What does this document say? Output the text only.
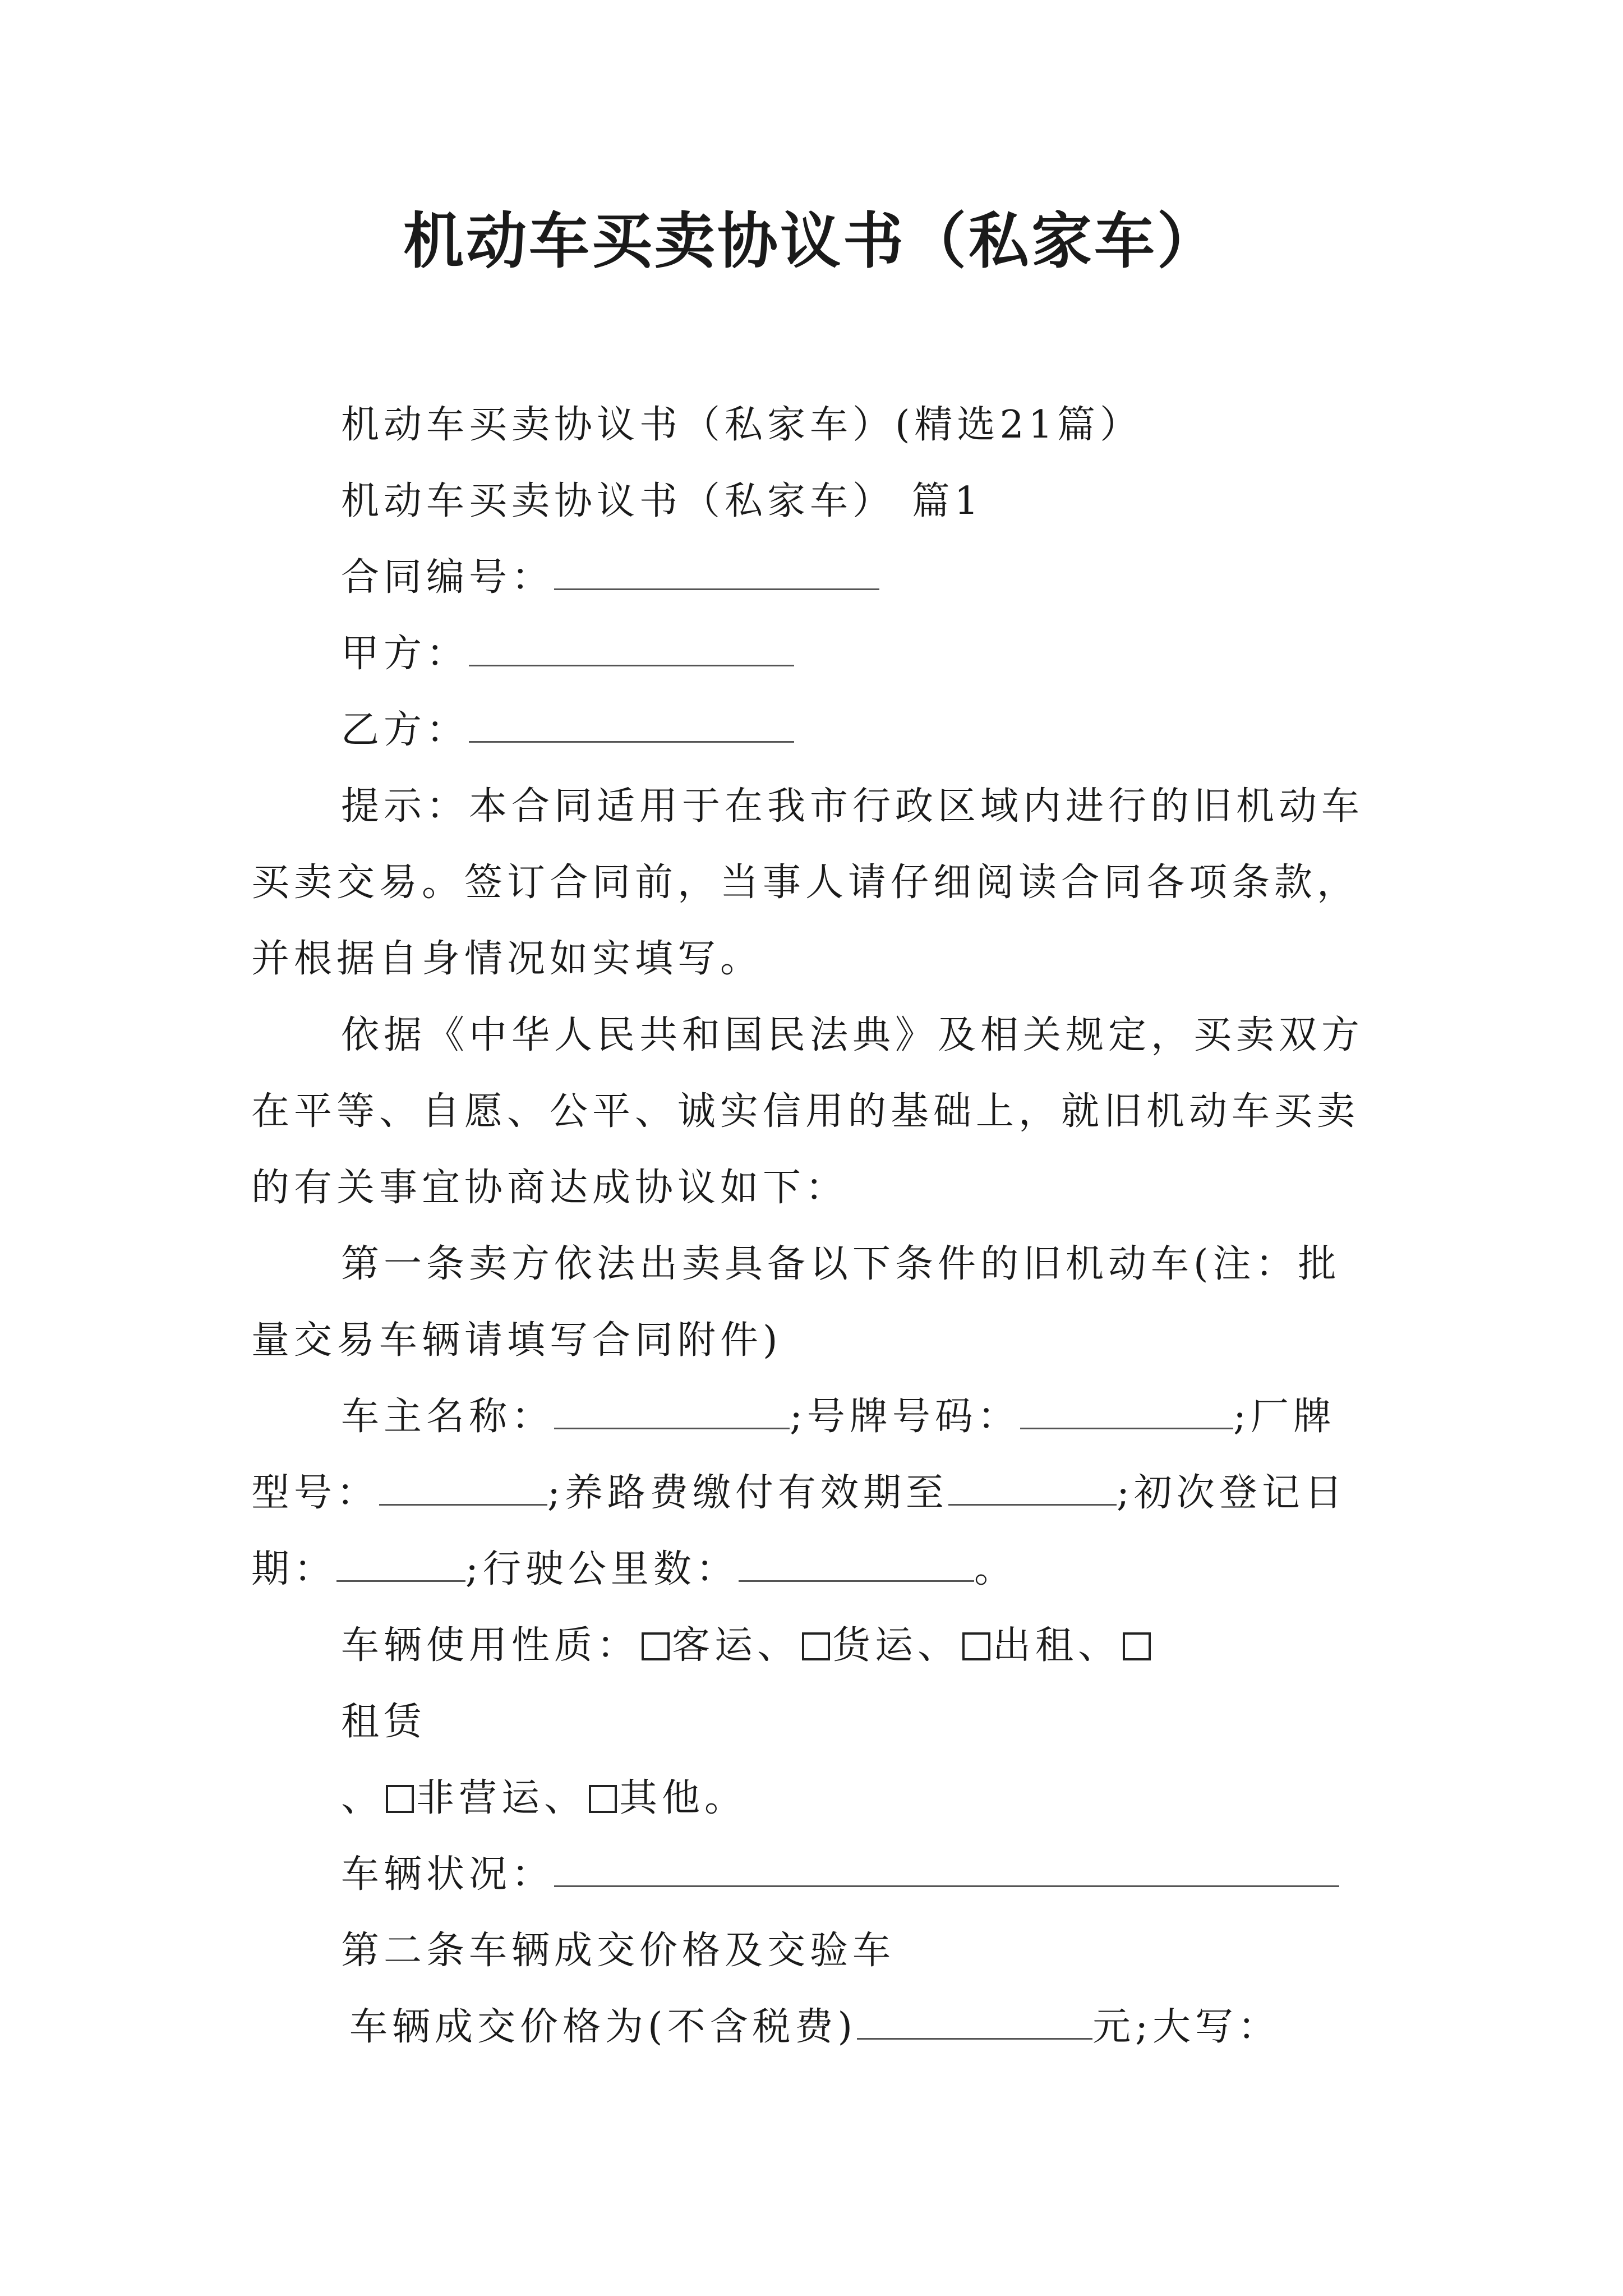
机动车买卖协议书（私家车）

机动车买卖协议书（私家车）(精选21篇）

机动车买卖协议书（私家车） 篇1

合同编号：

甲方：

乙方：

提示：本合同适用于在我市行政区域内进行的旧机动车

买卖交易。签订合同前，当事人请仔细阅读合同各项条款，

并根据自身情况如实填写。

依据《中华人民共和国民法典》及相关规定，买卖双方

在平等、自愿、公平、诚实信用的基础上，就旧机动车买卖

的有关事宜协商达成协议如下：

第一条卖方依法出卖具备以下条件的旧机动车(注：批

量交易车辆请填写合同附件)

车主名称：	;号牌号码：	;厂牌

型号：	;养路费缴付有效期至	;初次登记日

期：	;行驶公里数：	。

车辆使用性质： 客运、 货运、 出租、

租赁

、 非营运、 其他。

车辆状况：

第二条车辆成交价格及交验车

车辆成交价格为(不含税费)	元;大写：
